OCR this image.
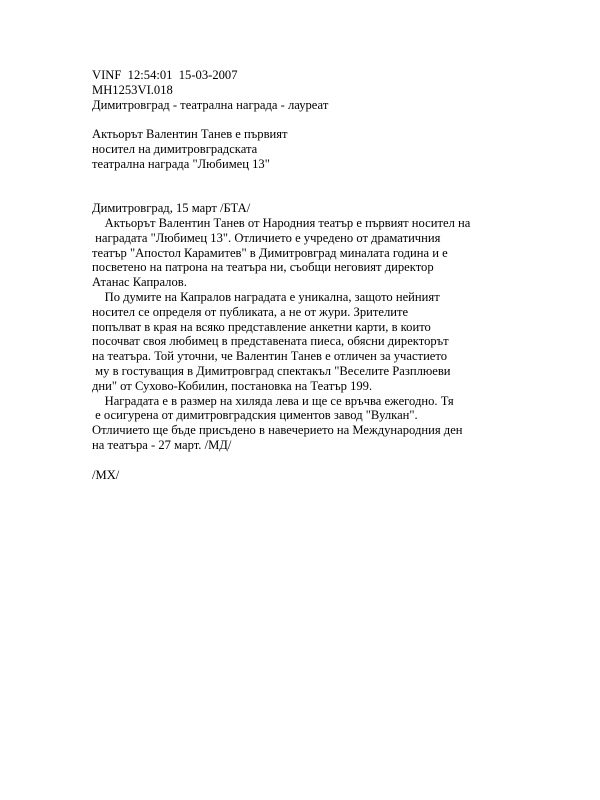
VINF  12:54:01  15-03-2007
MH1253VI.018
Димитровград - театрална награда - лауреат
Актьорът Валентин Танев е първият
носител на димитровградската
театрална награда "Любимец 13"
Димитровград, 15 март /БТА/
Актьорът Валентин Танев от Народния театър е първият носител на
наградата "Любимец 13". Отличието е учредено от драматичния
театър "Апостол Карамитев" в Димитровград миналата година и е
посветено на патрона на театъра ни, съобщи неговият директор
Атанас Капралов.
По думите на Капралов наградата е уникална, защото нейният
носител се определя от публиката, а не от жури. Зрителите
попълват в края на всяко представление анкетни карти, в които
посочват своя любимец в представената пиеса, обясни директорът
на театъра. Той уточни, че Валентин Танев е отличен за участието
му в гостуващия в Димитровград спектакъл "Веселите Разплюеви
дни" от Сухово-Кобилин, постановка на Театър 199.
Наградата е в размер на хиляда лева и ще се връчва ежегодно. Тя
е осигурена от димитровградския циментов завод "Вулкан".
Отличието ще бъде присъдено в навечерието на Международния ден
на театъра - 27 март. /МД/
/МХ/
